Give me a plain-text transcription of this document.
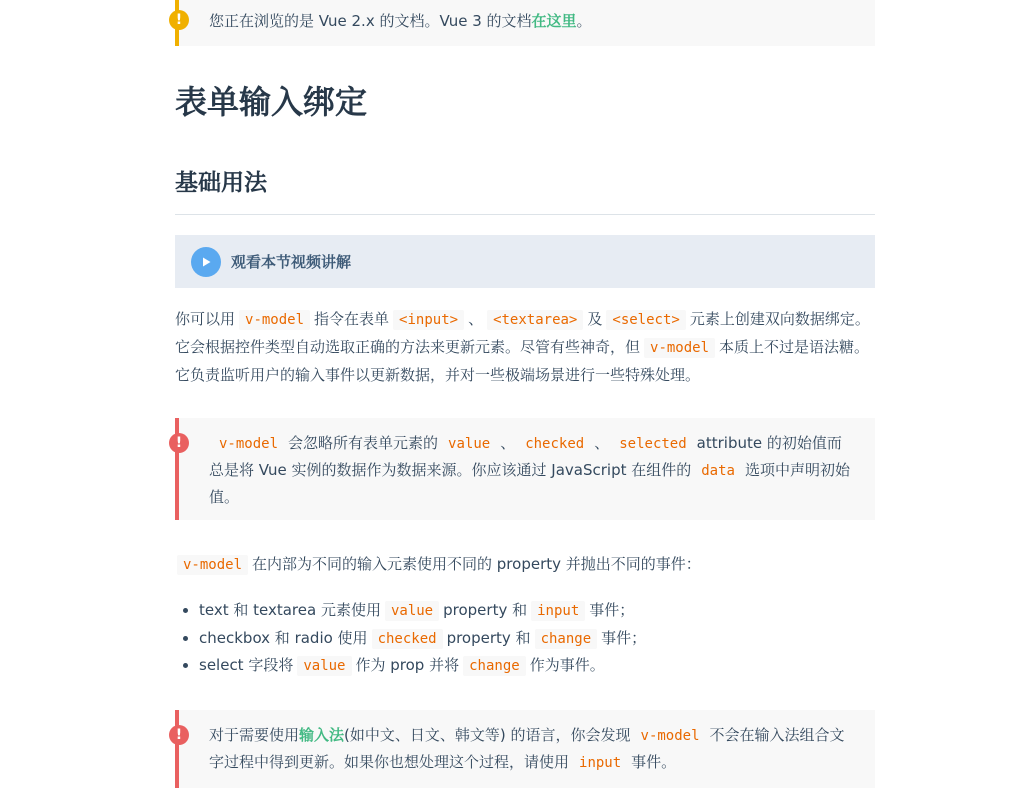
!	您正在浏览的是 Vue 2.x 的文档。Vue 3 的文档在这里。
表单输入绑定
基础用法
观看本节视频讲解

你可以用 v-model 指令在表单 <input> 、 <textarea> 及 <select> 元素上创建双向数据绑定。它会根据控件类型自动选取正确的方法来更新元素。尽管有些神奇，但 v-model 本质上不过是语法糖。它负责监听用户的输入事件以更新数据，并对一些极端场景进行一些特殊处理。

!	v-model 会忽略所有表单元素的 value 、 checked 、 selected attribute 的初始值而总是将 Vue 实例的数据作为数据来源。你应该通过 JavaScript 在组件的 data 选项中声明初始值。

v-model 在内部为不同的输入元素使用不同的 property 并抛出不同的事件：

• text 和 textarea 元素使用 value property 和 input 事件；
• checkbox 和 radio 使用 checked property 和 change 事件；
• select 字段将 value 作为 prop 并将 change 作为事件。
!	对于需要使用输入法(如中文、日文、韩文等) 的语言，你会发现 v-model 不会在输入法组合文字过程中得到更新。如果你也想处理这个过程，请使用 input 事件。
